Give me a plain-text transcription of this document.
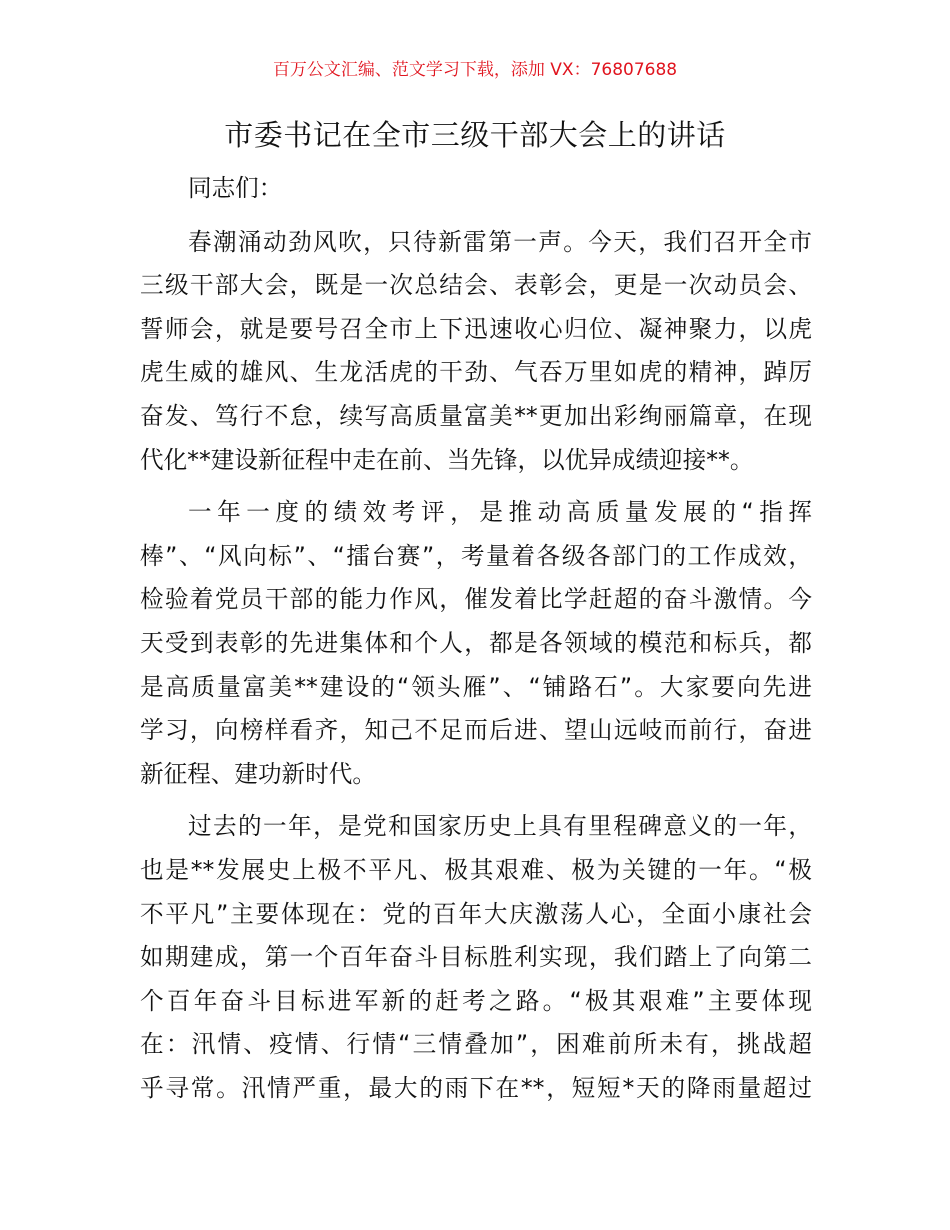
百万公文汇编、范文学习下载，添加 VX：76807688
市委书记在全市三级干部大会上的讲话
同志们：
春潮涌动劲风吹，只待新雷第一声。今天，我们召开全市
三级干部大会，既是一次总结会、表彰会，更是一次动员会、
誓师会，就是要号召全市上下迅速收心归位、凝神聚力，以虎
虎生威的雄风、生龙活虎的干劲、气吞万里如虎的精神，踔厉
奋发、笃行不怠，续写高质量富美**更加出彩绚丽篇章，在现
代化**建设新征程中走在前、当先锋，以优异成绩迎接**。
一年一度的绩效考评，是推动高质量发展的“指挥
棒”、“风向标”、“擂台赛”，考量着各级各部门的工作成效，
检验着党员干部的能力作风，催发着比学赶超的奋斗激情。今
天受到表彰的先进集体和个人，都是各领域的模范和标兵，都
是高质量富美**建设的“领头雁”、“铺路石”。大家要向先进
学习，向榜样看齐，知己不足而后进、望山远岐而前行，奋进
新征程、建功新时代。
过去的一年，是党和国家历史上具有里程碑意义的一年，
也是**发展史上极不平凡、极其艰难、极为关键的一年。“极
不平凡”主要体现在：党的百年大庆激荡人心，全面小康社会
如期建成，第一个百年奋斗目标胜利实现，我们踏上了向第二
个百年奋斗目标进军新的赶考之路。“极其艰难”主要体现
在：汛情、疫情、行情“三情叠加”，困难前所未有，挑战超
乎寻常。汛情严重，最大的雨下在**，短短*天的降雨量超过
